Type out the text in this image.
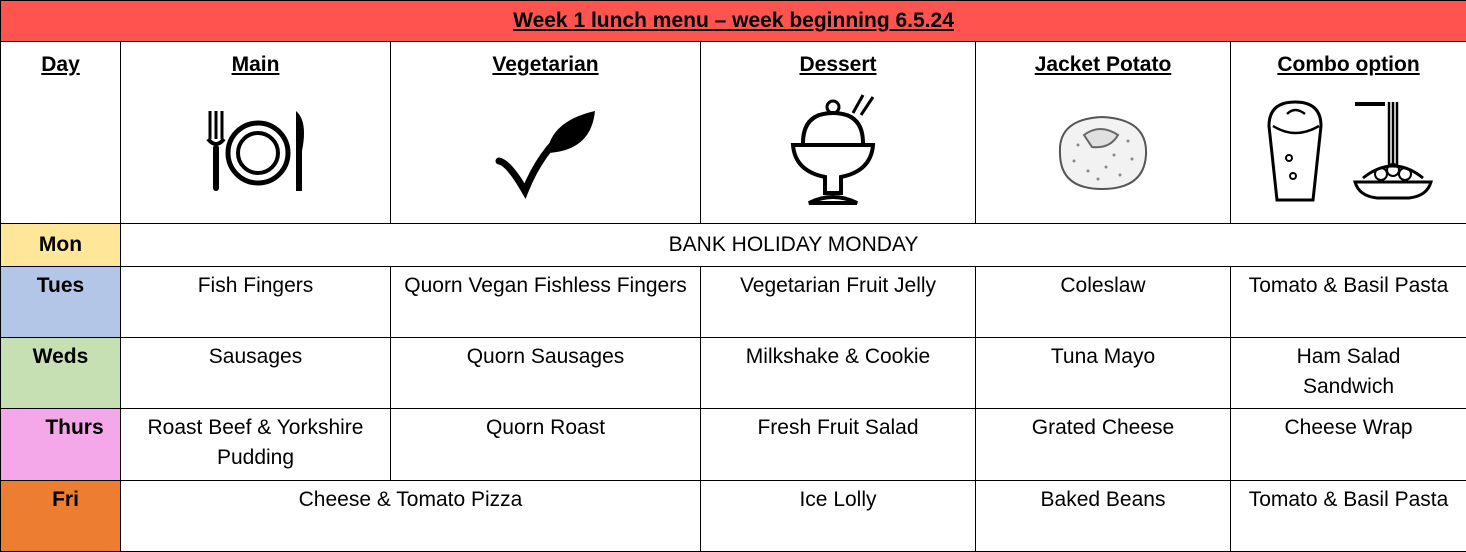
Week 1 lunch menu – week beginning 6.5.24					

Day	Main	Vegetarian	Dessert	Jacket Potato	Combo option

Mon	BANK HOLIDAY MONDAY				
Tues	Fish Fingers	Quorn Vegan Fishless Fingers	Vegetarian Fruit Jelly	Coleslaw	Tomato & Basil Pasta

Weds	Sausages	Quorn Sausages	Milkshake & Cookie	Tuna Mayo	Ham Salad Sandwich

Thurs	Roast Beef & Yorkshire Pudding	Quorn Roast	Fresh Fruit Salad	Grated Cheese	Cheese Wrap

Fri	Cheese & Tomato Pizza		Ice Lolly	Baked Beans	Tomato & Basil Pasta
